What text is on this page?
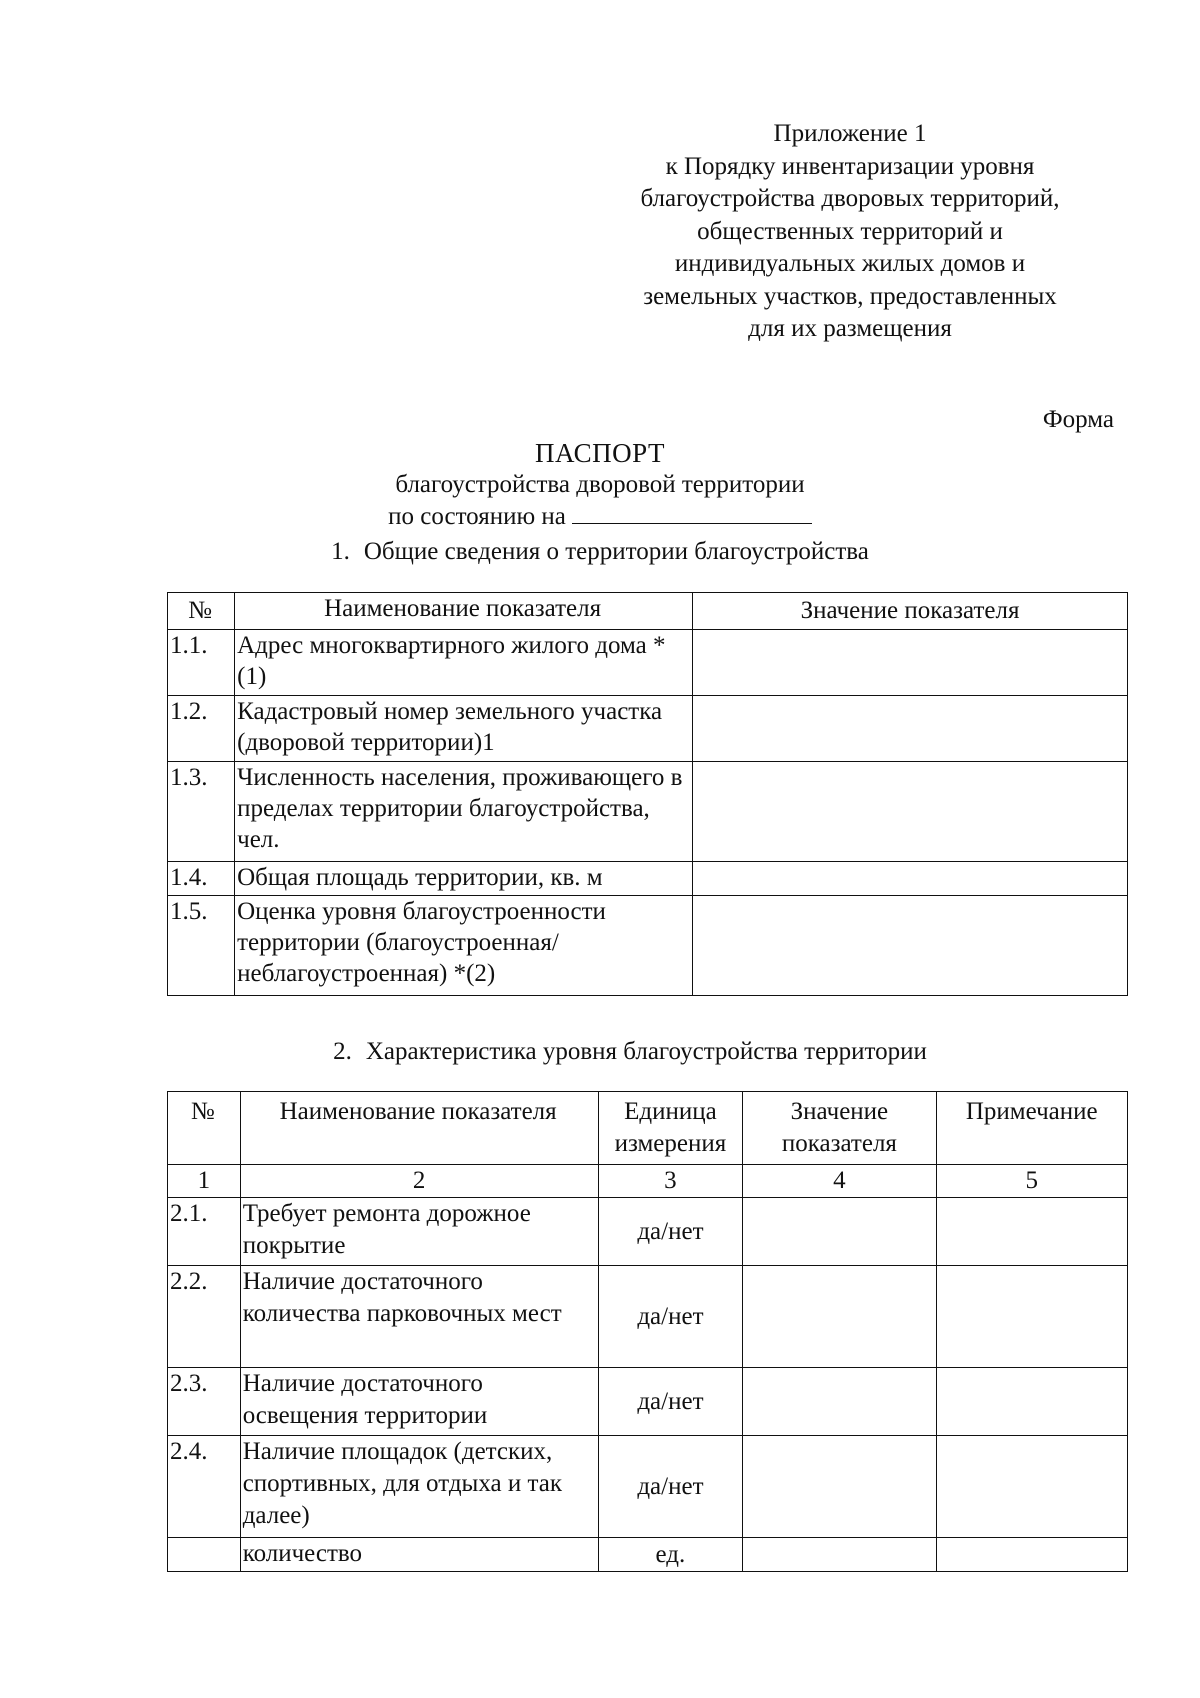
Приложение 1
к Порядку инвентаризации уровня
благоустройства дворовых территорий,
общественных территорий и
индивидуальных жилых домов и
земельных участков, предоставленных
для их размещения
Форма
ПАСПОРТ
благоустройства дворовой территории
по состоянию на
1. Общие сведения о территории благоустройства
№	Наименование показателя	Значение показателя
1.1.	Адрес многоквартирного жилого дома *(1)	
1.2.	Кадастровый номер земельного участка (дворовой территории)1	
1.3.	Численность населения, проживающего в пределах территории благоустройства, чел.	
1.4.	Общая площадь территории, кв. м	
1.5.	Оценка уровня благоустроенности территории (благоустроенная/ неблагоустроенная) *(2)	
2. Характеристика уровня благоустройства территории
№	Наименование показателя	Единица измерения	Значение показателя	Примечание
1	2	3	4	5
2.1.	Требует ремонта дорожное покрытие	да/нет		
2.2.	Наличие достаточного количества парковочных мест	да/нет		
2.3.	Наличие достаточного освещения территории	да/нет		
2.4.	Наличие площадок (детских, спортивных, для отдыха и так далее)	да/нет		
	количество	ед.		
